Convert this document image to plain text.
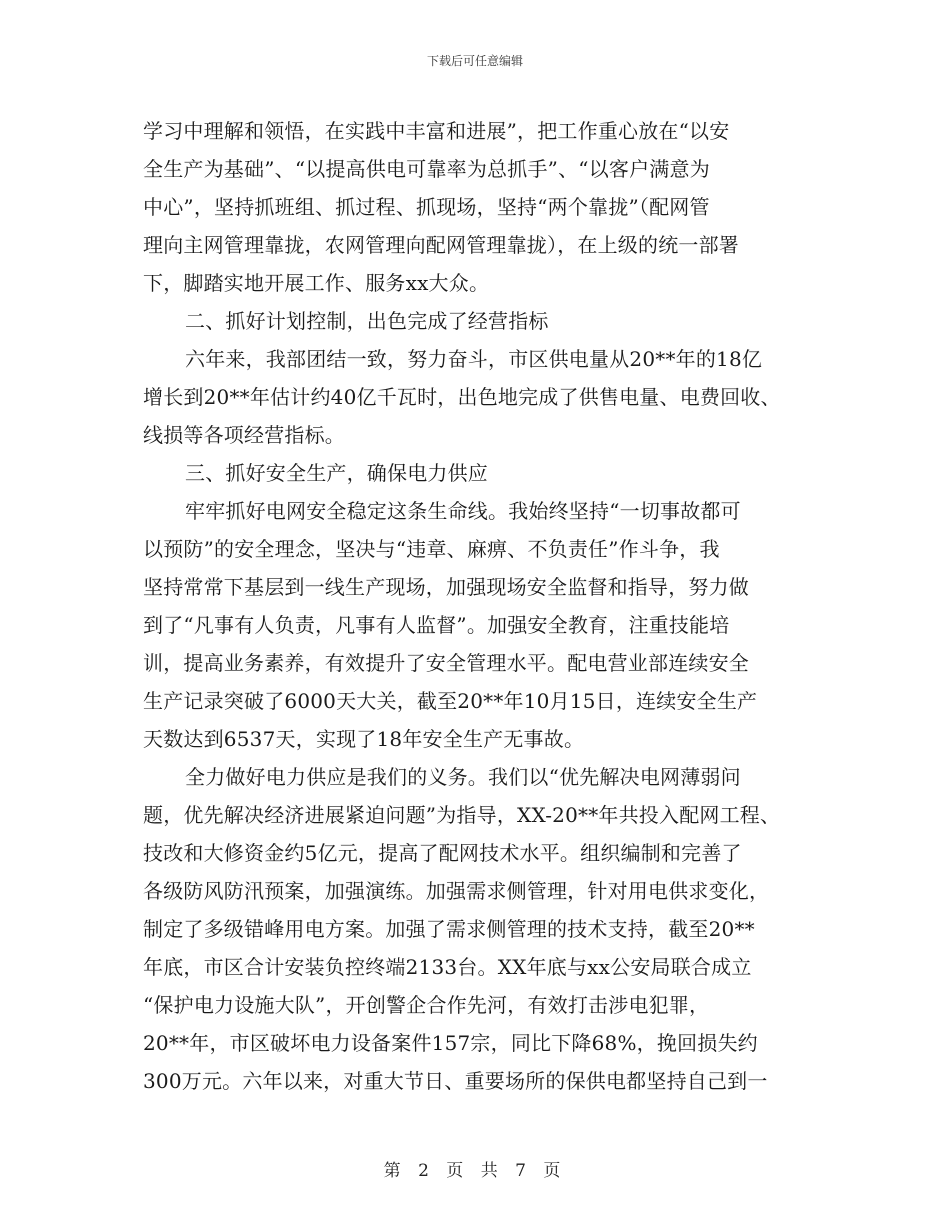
下载后可任意编辑
学习中理解和领悟，在实践中丰富和进展”，把工作重心放在“以安
全生产为基础”、“以提高供电可靠率为总抓手”、“以客户满意为
中心”，坚持抓班组、抓过程、抓现场，坚持“两个靠拢”（配网管
理向主网管理靠拢，农网管理向配网管理靠拢），在上级的统一部署
下，脚踏实地开展工作、服务xx大众。
二、抓好计划控制，出色完成了经营指标
六年来，我部团结一致，努力奋斗，市区供电量从20**年的18亿
增长到20**年估计约40亿千瓦时，出色地完成了供售电量、电费回收、
线损等各项经营指标。
三、抓好安全生产，确保电力供应
牢牢抓好电网安全稳定这条生命线。我始终坚持“一切事故都可
以预防”的安全理念，坚决与“违章、麻痹、不负责任”作斗争，我
坚持常常下基层到一线生产现场，加强现场安全监督和指导，努力做
到了“凡事有人负责，凡事有人监督”。加强安全教育，注重技能培
训，提高业务素养，有效提升了安全管理水平。配电营业部连续安全
生产记录突破了6000天大关，截至20**年10月15日，连续安全生产
天数达到6537天，实现了18年安全生产无事故。
全力做好电力供应是我们的义务。我们以“优先解决电网薄弱问
题，优先解决经济进展紧迫问题”为指导，XX-20**年共投入配网工程、
技改和大修资金约5亿元，提高了配网技术水平。组织编制和完善了
各级防风防汛预案，加强演练。加强需求侧管理，针对用电供求变化，
制定了多级错峰用电方案。加强了需求侧管理的技术支持，截至20**
年底，市区合计安装负控终端2133台。XX年底与xx公安局联合成立
“保护电力设施大队”，开创警企合作先河，有效打击涉电犯罪，
20**年，市区破坏电力设备案件157宗，同比下降68%，挽回损失约
300万元。六年以来，对重大节日、重要场所的保供电都坚持自己到一
第 2 页 共 7 页
